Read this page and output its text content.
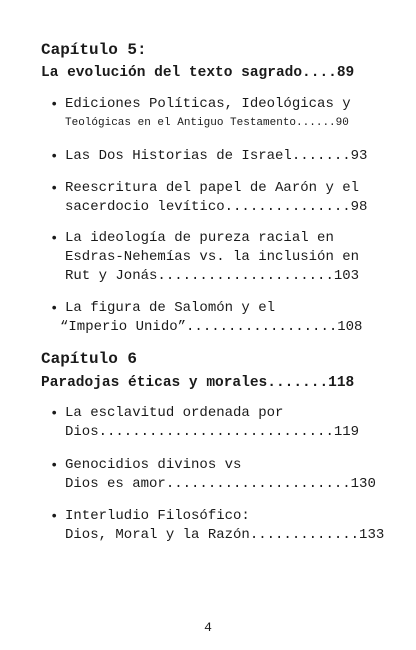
Capítulo 5:
La evolución del texto sagrado....89
• Ediciones Políticas, Ideológicas y
Teológicas en el Antiguo Testamento......90
• Las Dos Historias de Israel.......93
• Reescritura del papel de Aarón y el
sacerdocio levítico...............98
• La ideología de pureza racial en
Esdras-Nehemías vs. la inclusión en
Rut y Jonás.....................103
• La figura de Salomón y el
“Imperio Unido”..................108
Capítulo 6
Paradojas éticas y morales.......118
• La esclavitud ordenada por
Dios............................119
• Genocidios divinos vs
Dios es amor......................130
• Interludio Filosófico:
Dios, Moral y la Razón.............133
4
